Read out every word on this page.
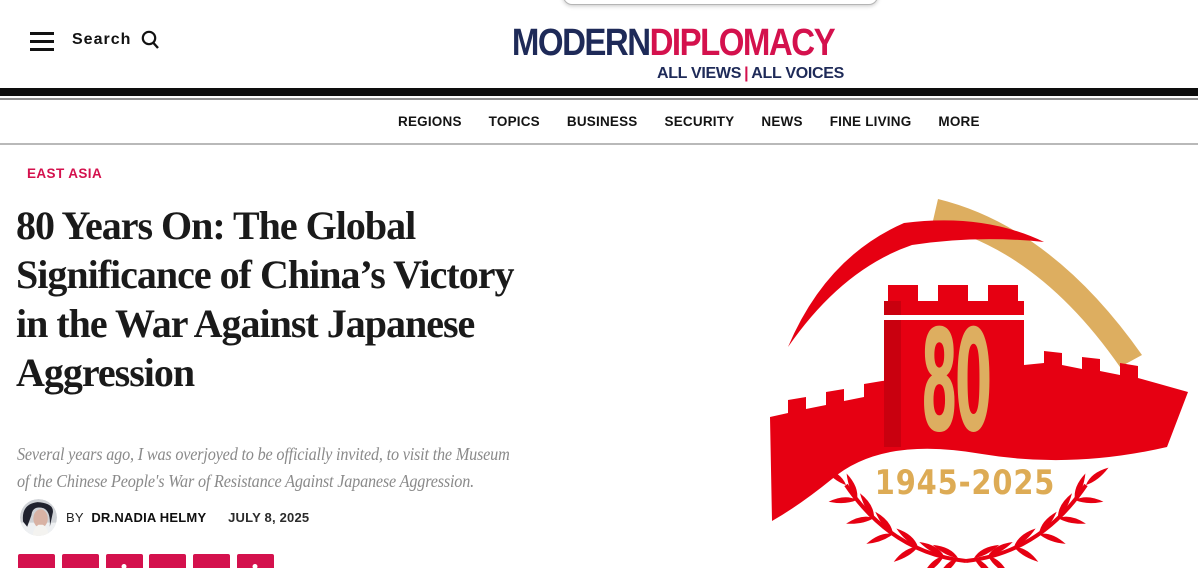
Search	MODERNDIPLOMACY
ALL VIEWS | ALL VOICES
REGIONS TOPICS BUSINESS SECURITY NEWS FINE LIVING MORE
EAST ASIA
80 Years On: The Global
Significance of China’s Victory
in the War Against Japanese
Aggression
Several years ago, I was overjoyed to be officially invited, to visit the Museum
of the Chinese People's War of Resistance Against Japanese Aggression.
BY DR.NADIA HELMY JULY 8, 2025
80
1945-2025
